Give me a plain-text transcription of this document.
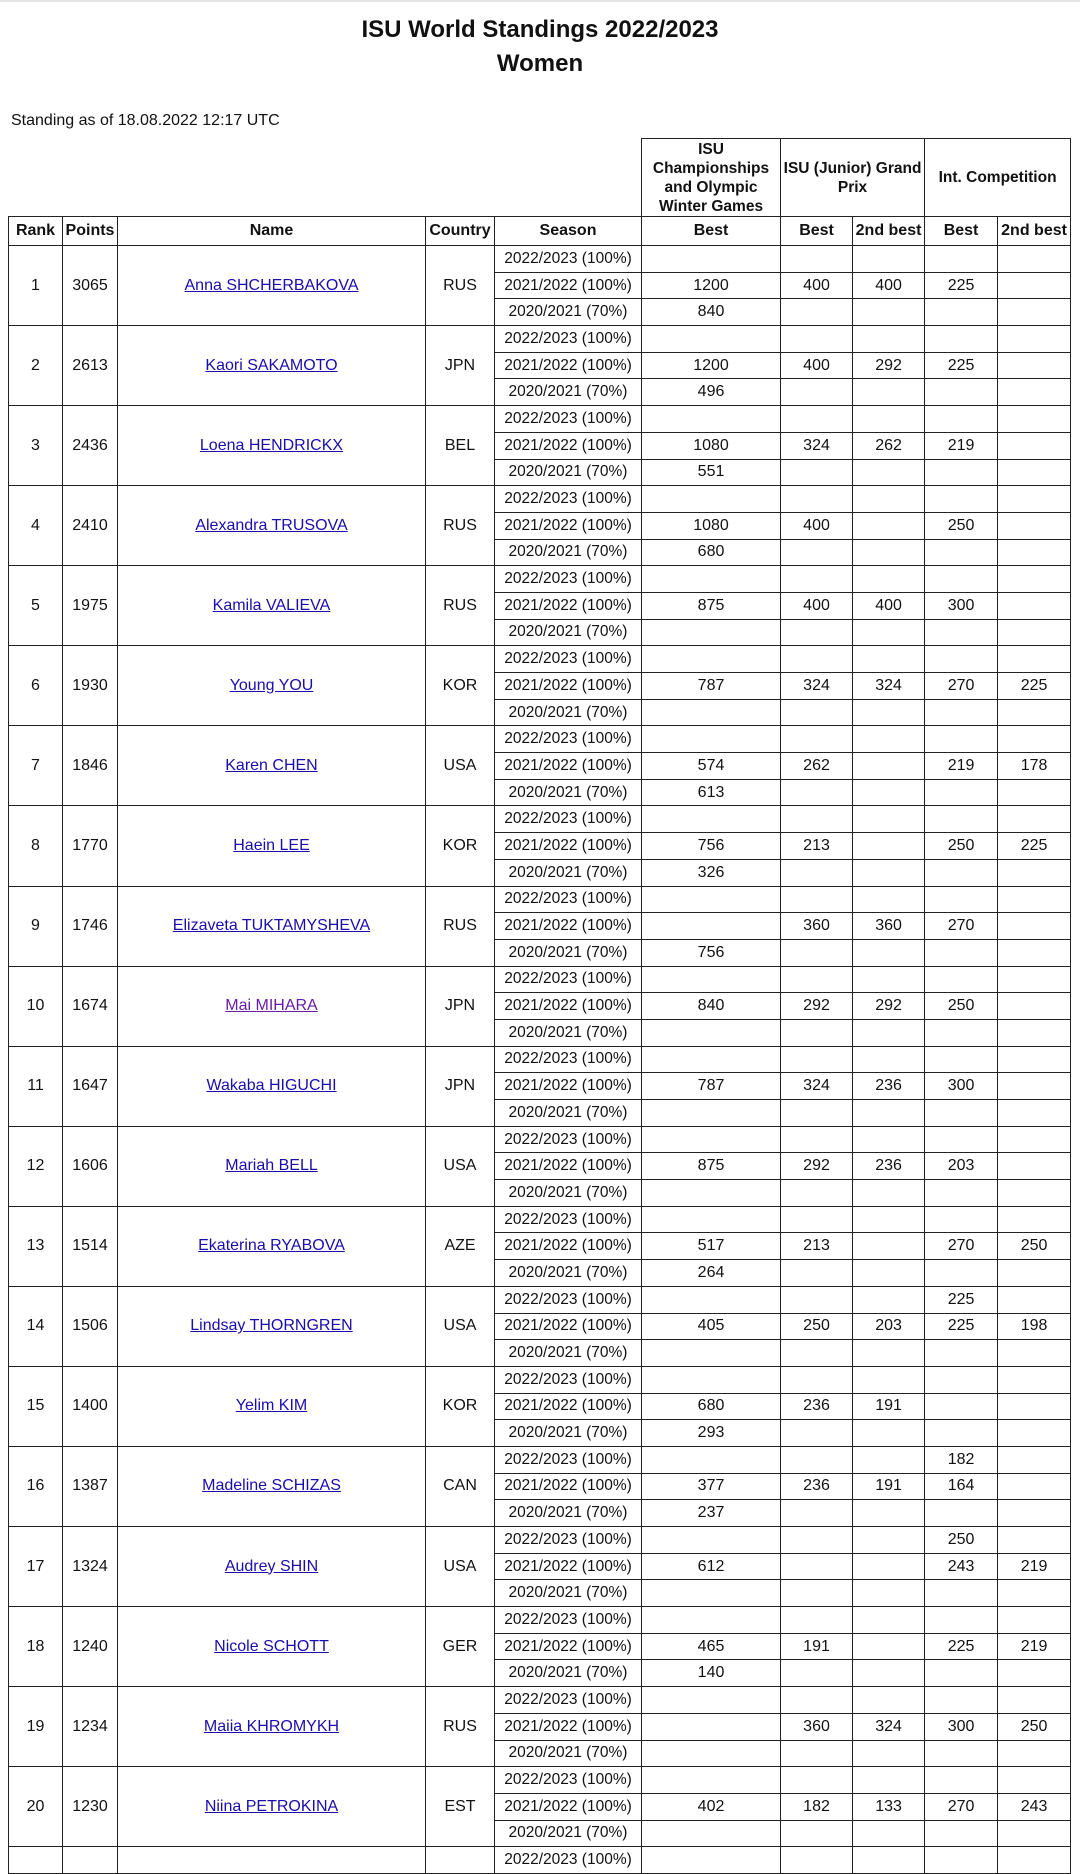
ISU World Standings 2022/2023
Women
Standing as of 18.08.2022 12:17 UTC
					ISU Championships and Olympic Winter Games	ISU (Junior) Grand Prix		Int. Competition	
Rank	Points	Name	Country	Season	Best	Best	2nd best	Best	2nd best
1	3065	Anna SHCHERBAKOVA	RUS	2022/2023 (100%)					
				2021/2022 (100%)	1200	400	400	225	
				2020/2021 (70%)	840				
2	2613	Kaori SAKAMOTO	JPN	2022/2023 (100%)					
				2021/2022 (100%)	1200	400	292	225	
				2020/2021 (70%)	496				
3	2436	Loena HENDRICKX	BEL	2022/2023 (100%)					
				2021/2022 (100%)	1080	324	262	219	
				2020/2021 (70%)	551				
4	2410	Alexandra TRUSOVA	RUS	2022/2023 (100%)					
				2021/2022 (100%)	1080	400		250	
				2020/2021 (70%)	680				
5	1975	Kamila VALIEVA	RUS	2022/2023 (100%)					
				2021/2022 (100%)	875	400	400	300	
				2020/2021 (70%)					
6	1930	Young YOU	KOR	2022/2023 (100%)					
				2021/2022 (100%)	787	324	324	270	225
				2020/2021 (70%)					
7	1846	Karen CHEN	USA	2022/2023 (100%)					
				2021/2022 (100%)	574	262		219	178
				2020/2021 (70%)	613				
8	1770	Haein LEE	KOR	2022/2023 (100%)					
				2021/2022 (100%)	756	213		250	225
				2020/2021 (70%)	326				
9	1746	Elizaveta TUKTAMYSHEVA	RUS	2022/2023 (100%)					
				2021/2022 (100%)		360	360	270	
				2020/2021 (70%)	756				
10	1674	Mai MIHARA	JPN	2022/2023 (100%)					
				2021/2022 (100%)	840	292	292	250	
				2020/2021 (70%)					
11	1647	Wakaba HIGUCHI	JPN	2022/2023 (100%)					
				2021/2022 (100%)	787	324	236	300	
				2020/2021 (70%)					
12	1606	Mariah BELL	USA	2022/2023 (100%)					
				2021/2022 (100%)	875	292	236	203	
				2020/2021 (70%)					
13	1514	Ekaterina RYABOVA	AZE	2022/2023 (100%)					
				2021/2022 (100%)	517	213		270	250
				2020/2021 (70%)	264				
14	1506	Lindsay THORNGREN	USA	2022/2023 (100%)				225	
				2021/2022 (100%)	405	250	203	225	198
				2020/2021 (70%)					
15	1400	Yelim KIM	KOR	2022/2023 (100%)					
				2021/2022 (100%)	680	236	191		
				2020/2021 (70%)	293				
16	1387	Madeline SCHIZAS	CAN	2022/2023 (100%)				182	
				2021/2022 (100%)	377	236	191	164	
				2020/2021 (70%)	237				
17	1324	Audrey SHIN	USA	2022/2023 (100%)				250	
				2021/2022 (100%)	612			243	219
				2020/2021 (70%)					
18	1240	Nicole SCHOTT	GER	2022/2023 (100%)					
				2021/2022 (100%)	465	191		225	219
				2020/2021 (70%)	140				
19	1234	Maiia KHROMYKH	RUS	2022/2023 (100%)					
				2021/2022 (100%)		360	324	300	250
				2020/2021 (70%)					
20	1230	Niina PETROKINA	EST	2022/2023 (100%)					
				2021/2022 (100%)	402	182	133	270	243
				2020/2021 (70%)					
				2022/2023 (100%)					
